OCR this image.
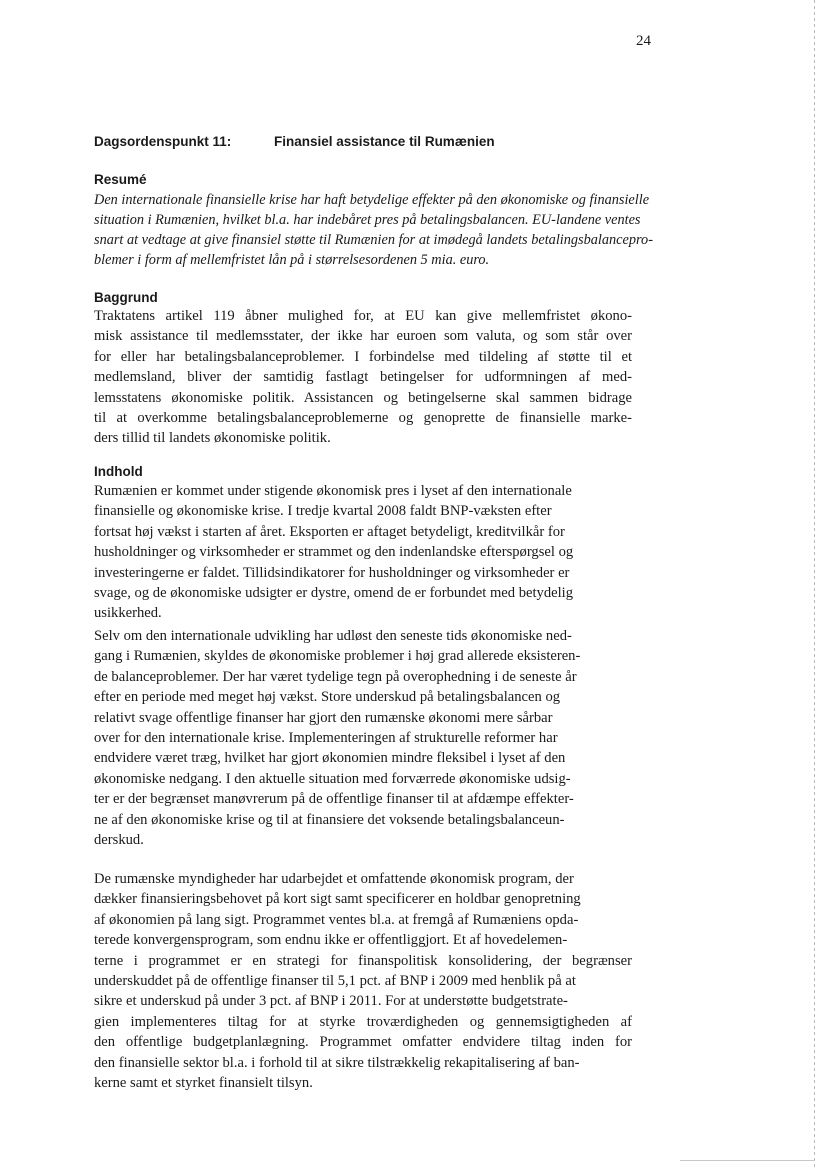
24
Dagsordenspunkt 11:	Finansiel assistance til Rumænien
Resumé

Den internationale finansielle krise har haft betydelige effekter på den økonomiske og finansielle
situation i Rumænien, hvilket bl.a. har indebåret pres på betalingsbalancen. EU-landene ventes
snart at vedtage at give finansiel støtte til Rumænien for at imødegå landets betalingsbalancepro-
blemer i form af mellemfristet lån på i størrelsesordenen 5 mia. euro.

Baggrund

Traktatens artikel 119 åbner mulighed for, at EU kan give mellemfristet økono-
misk assistance til medlemsstater, der ikke har euroen som valuta, og som står over
for eller har betalingsbalanceproblemer. I forbindelse med tildeling af støtte til et
medlemsland, bliver der samtidig fastlagt betingelser for udformningen af med-
lemsstatens økonomiske politik. Assistancen og betingelserne skal sammen bidrage
til at overkomme betalingsbalanceproblemerne og genoprette de finansielle marke-
ders tillid til landets økonomiske politik.

Indhold

Rumænien er kommet under stigende økonomisk pres i lyset af den internationale
finansielle og økonomiske krise. I tredje kvartal 2008 faldt BNP-væksten efter
fortsat høj vækst i starten af året. Eksporten er aftaget betydeligt, kreditvilkår for
husholdninger og virksomheder er strammet og den indenlandske efterspørgsel og
investeringerne er faldet. Tillidsindikatorer for husholdninger og virksomheder er
svage, og de økonomiske udsigter er dystre, omend de er forbundet med betydelig
usikkerhed.

Selv om den internationale udvikling har udløst den seneste tids økonomiske ned-
gang i Rumænien, skyldes de økonomiske problemer i høj grad allerede eksisteren-
de balanceproblemer. Der har været tydelige tegn på overophedning i de seneste år
efter en periode med meget høj vækst. Store underskud på betalingsbalancen og
relativt svage offentlige finanser har gjort den rumænske økonomi mere sårbar
over for den internationale krise. Implementeringen af strukturelle reformer har
endvidere været træg, hvilket har gjort økonomien mindre fleksibel i lyset af den
økonomiske nedgang. I den aktuelle situation med forværrede økonomiske udsig-
ter er der begrænset manøvrerum på de offentlige finanser til at afdæmpe effekter-
ne af den økonomiske krise og til at finansiere det voksende betalingsbalanceun-
derskud.

De rumænske myndigheder har udarbejdet et omfattende økonomisk program, der
dækker finansieringsbehovet på kort sigt samt specificerer en holdbar genopretning
af økonomien på lang sigt. Programmet ventes bl.a. at fremgå af Rumæniens opda-
terede konvergensprogram, som endnu ikke er offentliggjort. Et af hovedelemen-
terne i programmet er en strategi for finanspolitisk konsolidering, der begrænser
underskuddet på de offentlige finanser til 5,1 pct. af BNP i 2009 med henblik på at
sikre et underskud på under 3 pct. af BNP i 2011. For at understøtte budgetstrate-
gien implementeres tiltag for at styrke troværdigheden og gennemsigtigheden af
den offentlige budgetplanlægning. Programmet omfatter endvidere tiltag inden for
den finansielle sektor bl.a. i forhold til at sikre tilstrækkelig rekapitalisering af ban-
kerne samt et styrket finansielt tilsyn.
